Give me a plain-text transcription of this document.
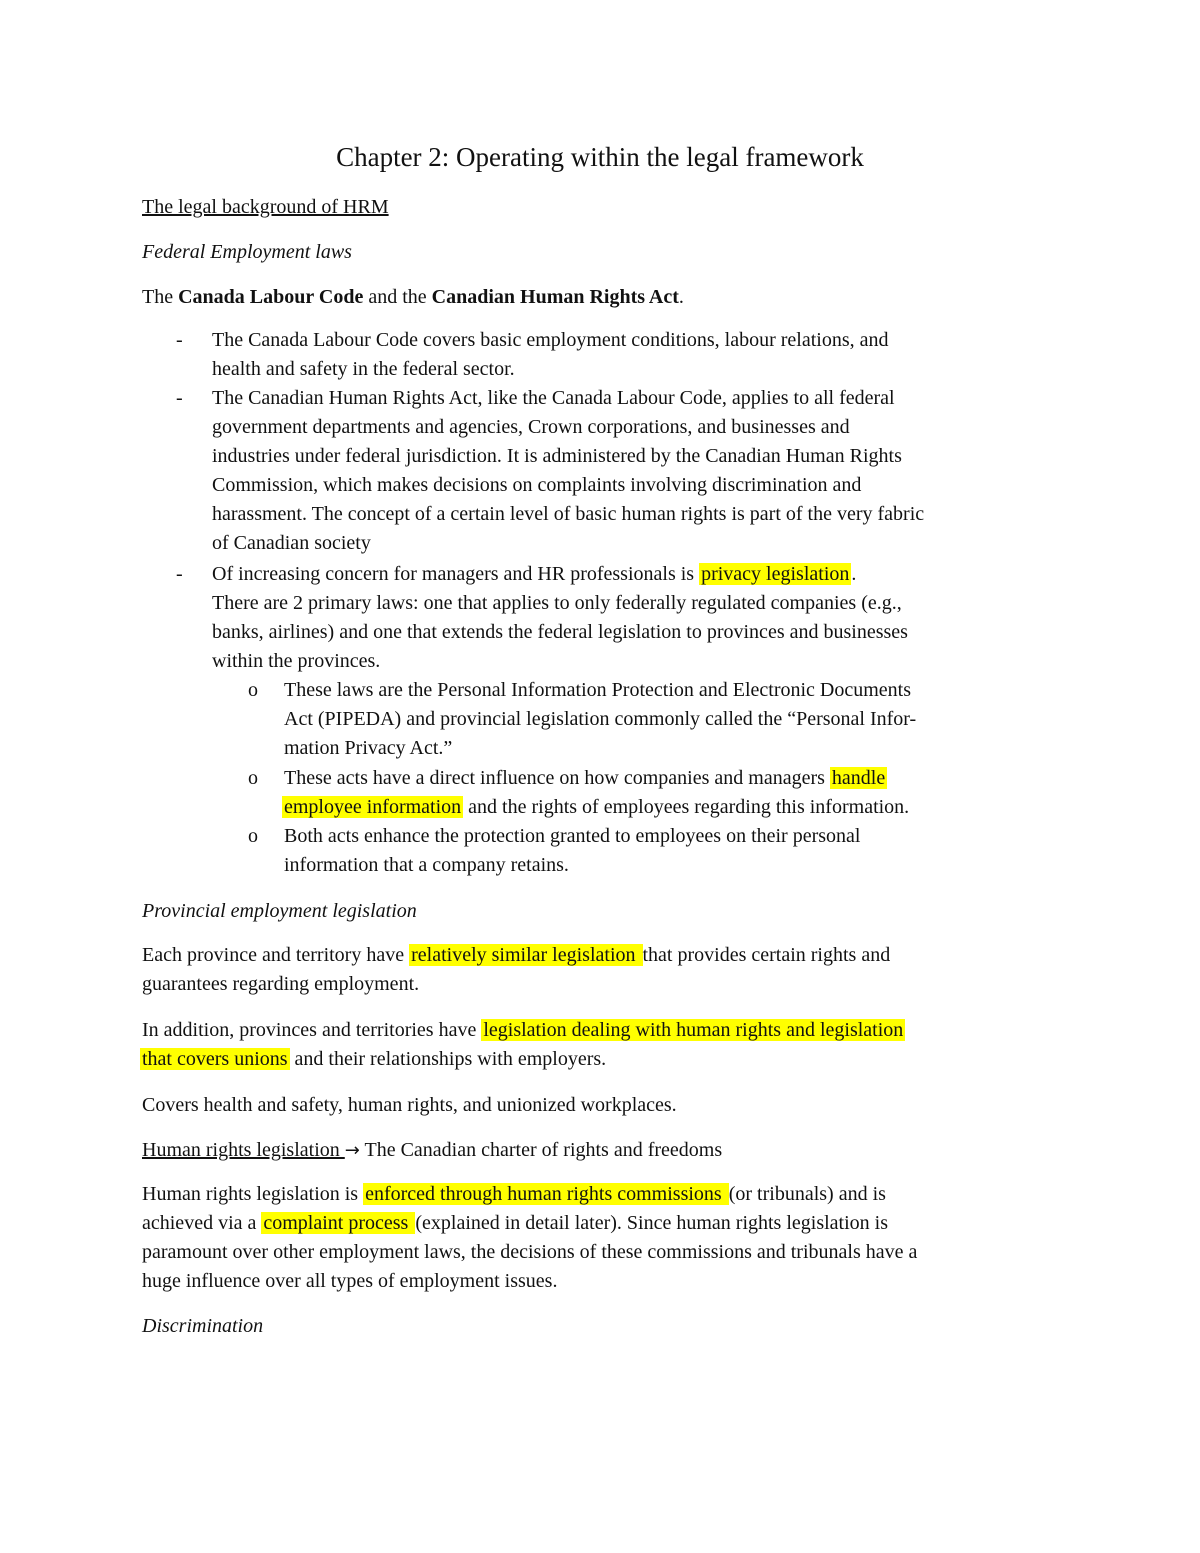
Chapter 2: Operating within the legal framework
The legal background of HRM
Federal Employment laws
The Canada Labour Code and the Canadian Human Rights Act.
- The Canada Labour Code covers basic employment conditions, labour relations, and
health and safety in the federal sector.
- The Canadian Human Rights Act, like the Canada Labour Code, applies to all federal
government departments and agencies, Crown corporations, and businesses and
industries under federal jurisdiction. It is administered by the Canadian Human Rights
Commission, which makes decisions on complaints involving discrimination and
harassment. The concept of a certain level of basic human rights is part of the very fabric
of Canadian society
- Of increasing concern for managers and HR professionals is privacy legislation .
There are 2 primary laws: one that applies to only federally regulated companies (e.g.,
banks, airlines) and one that extends the federal legislation to provinces and businesses
within the provinces.
o These laws are the Personal Information Protection and Electronic Documents
Act (PIPEDA) and provincial legislation commonly called the “Personal Infor-
mation Privacy Act.”
o These acts have a direct influence on how companies and managers handle
employee information and the rights of employees regarding this information.
o Both acts enhance the protection granted to employees on their personal
information that a company retains.
Provincial employment legislation
Each province and territory have relatively similar legislation that provides certain rights and
guarantees regarding employment.
In addition, provinces and territories have legislation dealing with human rights and legislation
that covers unions and their relationships with employers.
Covers health and safety, human rights, and unionized workplaces.
Human rights legislation → The Canadian charter of rights and freedoms
Human rights legislation is enforced through human rights commissions (or tribunals) and is
achieved via a complaint process (explained in detail later). Since human rights legislation is
paramount over other employment laws, the decisions of these commissions and tribunals have a
huge influence over all types of employment issues.
Discrimination
